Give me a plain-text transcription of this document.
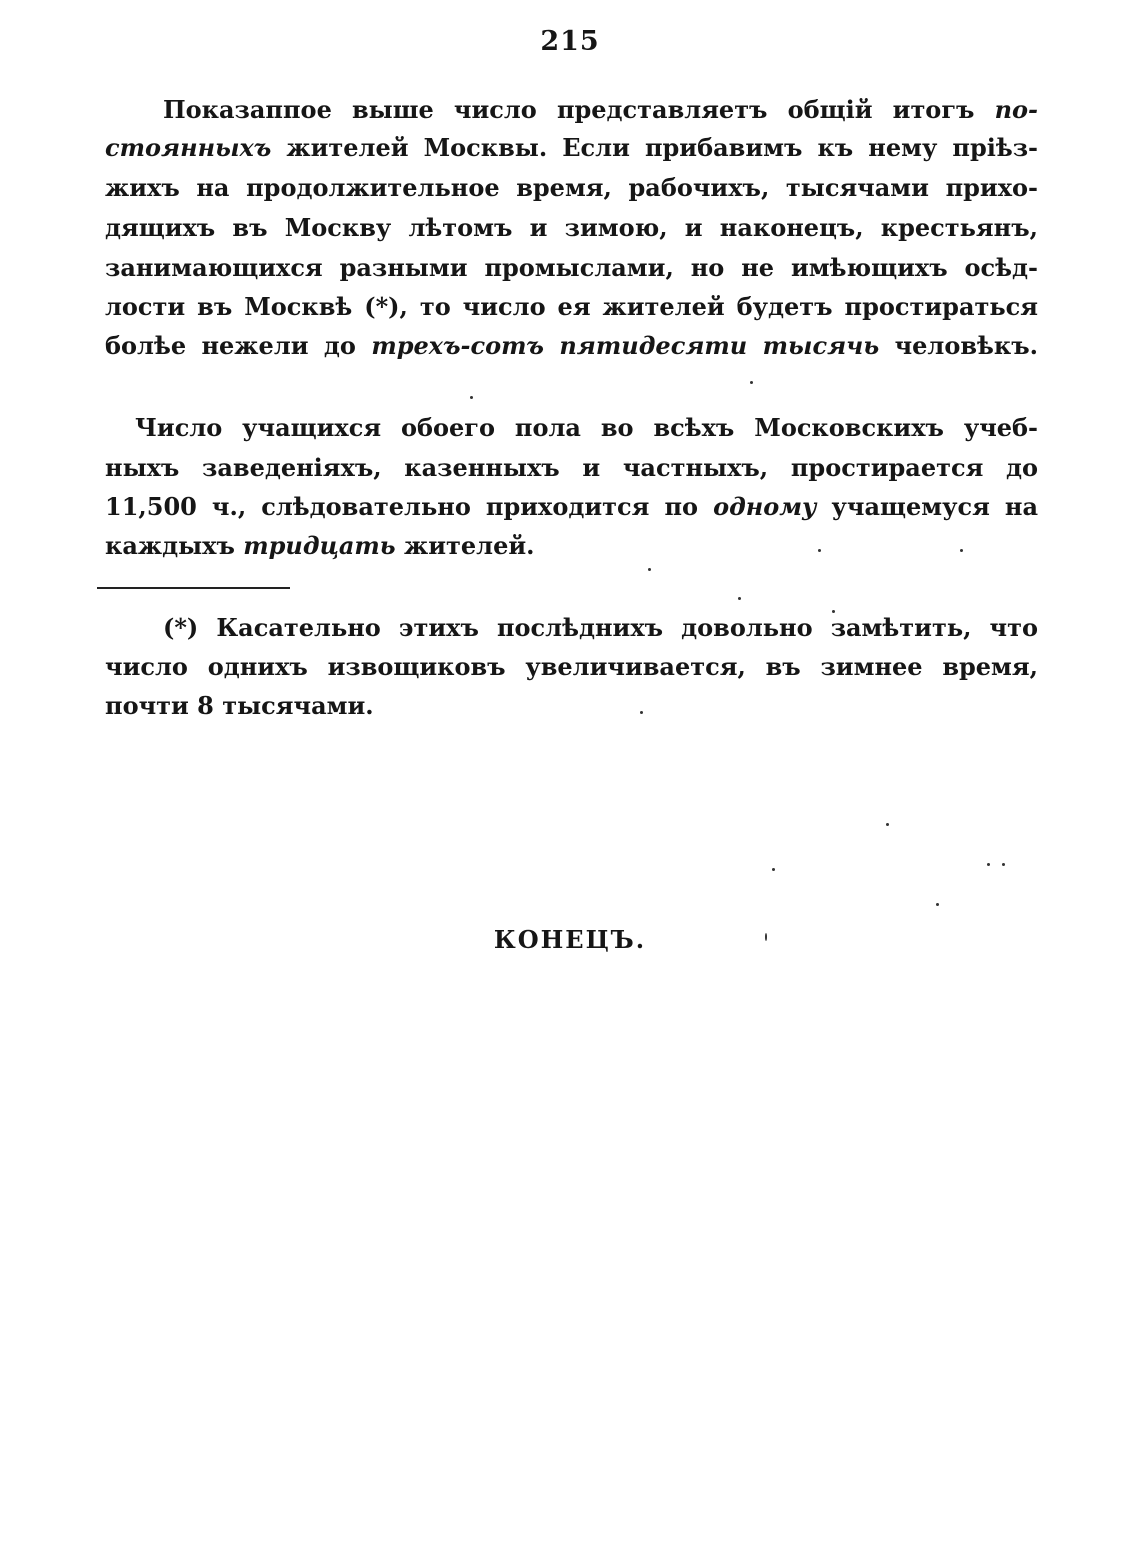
215
Показаппое выше число представляетъ общій итогъ по-
стоянныхъ жителей Москвы. Если прибавимъ къ нему пріѣз-
жихъ на продолжительное время, рабочихъ, тысячами прихо-
дящихъ въ Москву лѣтомъ и зимою, и наконецъ, крестьянъ,
занимающихся разными промыслами, но не имѣющихъ осѣд-
лости въ Москвѣ (*), то число ея жителей будетъ простираться
болѣе нежели до трехъ-сотъ пятидесяти тысячь человѣкъ.
Число учащихся обоего пола во всѣхъ Московскихъ учеб-
ныхъ заведеніяхъ, казенныхъ и частныхъ, простирается до
11,500 ч., слѣдовательно приходится по одному учащемуся на
каждыхъ тридцать жителей.
(*) Касательно этихъ послѣднихъ довольно замѣтить, что
число однихъ извощиковъ увеличивается, въ зимнее время,
почти 8 тысячами.
КОНЕЦЪ.
